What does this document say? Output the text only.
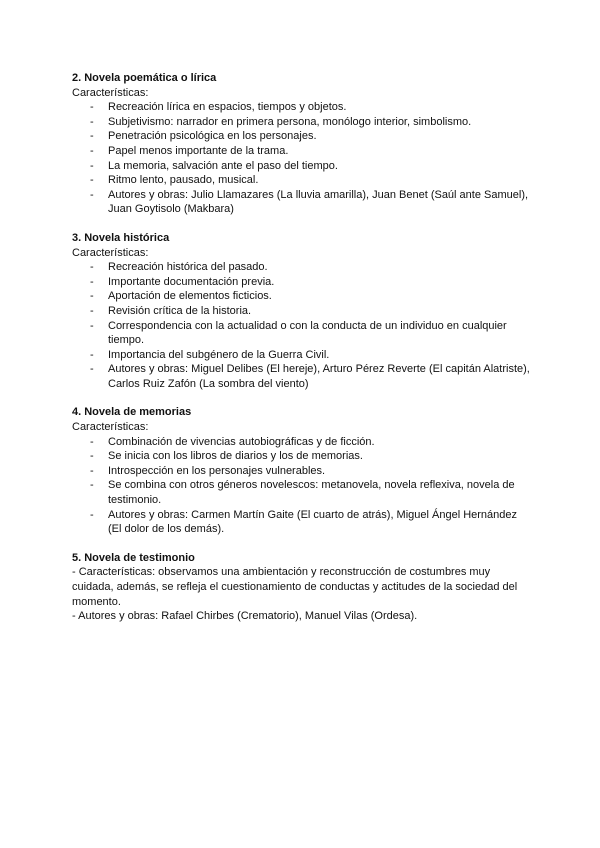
2. Novela poemática o lírica

Características:

- Recreación lírica en espacios, tiempos y objetos.
- Subjetivismo: narrador en primera persona, monólogo interior, simbolismo.
- Penetración psicológica en los personajes.
- Papel menos importante de la trama.
- La memoria, salvación ante el paso del tiempo.
- Ritmo lento, pausado, musical.
- Autores y obras: Julio Llamazares (La lluvia amarilla), Juan Benet (Saúl ante Samuel), Juan Goytisolo (Makbara)

3. Novela histórica

Características:

- Recreación histórica del pasado.
- Importante documentación previa.
- Aportación de elementos ficticios.
- Revisión crítica de la historia.
- Correspondencia con la actualidad o con la conducta de un individuo en cualquier tiempo.
- Importancia del subgénero de la Guerra Civil.
- Autores y obras: Miguel Delibes (El hereje), Arturo Pérez Reverte (El capitán Alatriste), Carlos Ruiz Zafón (La sombra del viento)

4. Novela de memorias

Características:

- Combinación de vivencias autobiográficas y de ficción.
- Se inicia con los libros de diarios y los de memorias.
- Introspección en los personajes vulnerables.
- Se combina con otros géneros novelescos: metanovela, novela reflexiva, novela de testimonio.
- Autores y obras: Carmen Martín Gaite (El cuarto de atrás), Miguel Ángel Hernández (El dolor de los demás).

5. Novela de testimonio

- Características: observamos una ambientación y reconstrucción de costumbres muy cuidada, además, se refleja el cuestionamiento de conductas y actitudes de la sociedad del momento.

- Autores y obras: Rafael Chirbes (Crematorio), Manuel Vilas (Ordesa).
